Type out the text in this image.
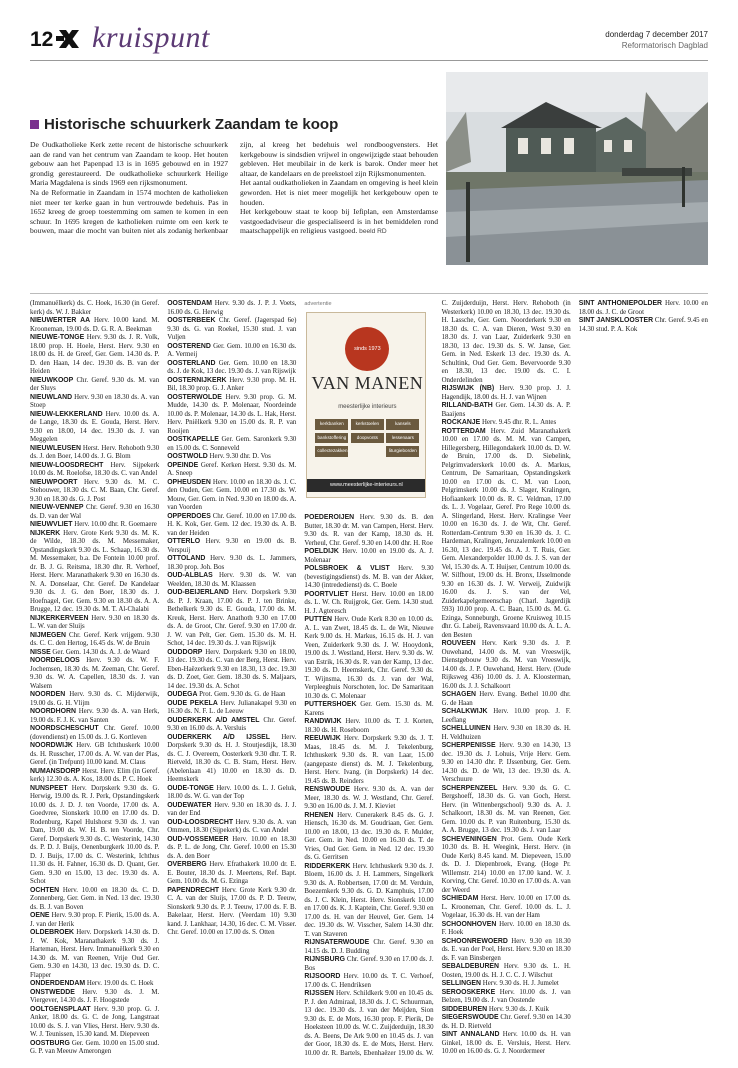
12 kruispunt	donderdag 7 december 2017
Reformatorisch Dagblad
Historische schuurkerk Zaandam te koop

De Oudkatholieke Kerk zette recent de historische schuurkerk aan de rand van het centrum van Zaandam te koop. Het houten gebouw aan het Papenpad 13 is in 1695 gebouwd en in 1927 grondig gerestaureerd. De oudkatholieke schuurkerk Heilige Maria Magdalena is sinds 1969 een rijksmonument.

Na de Reformatie in Zaandam in 1574 mochten de katholieken niet meer ter kerke gaan in hun vertrouwde bedehuis. Pas in 1652 kreeg de groep toestemming om samen te komen in een schuur. In 1695 kregen de katholieken ruimte om een kerk te bouwen, maar die mocht van buiten niet als zodanig herkenbaar zijn, al kreeg het bedehuis wel rondboogvensters. Het kerkgebouw is sindsdien vrijwel in ongewijzigde staat behouden gebleven. Het meubilair in de kerk is barok. Onder meer het altaar, de kandelaars en de preekstoel zijn Rijksmonumenten.

Het aantal oudkatholieken in Zaandam en omgeving is heel klein geworden. Het is niet meer mogelijk het kerkgebouw open te houden.

Het kerkgebouw staat te koop bij Iefiplan, een Amsterdamse vastgoedadviseur die gespecialiseerd is in het bemiddelen rond maatschappelijk en religieus vastgoed. beeld RD

(Immanuëlkerk) ds. C. Hoek, 16.30 (in Geref. kerk) ds. W. J. Bakker

NIEUWERTER AA Herv. 10.00 kand. M. Krooneman, 19.00 ds. D. G. R. A. Beekman

NIEUWE-TONGE Herv. 9.30 ds. J. R. Volk, 18.00 prop. H. Hoele, Herst. Herv. 9.30 en 18.00 ds. H. de Greef, Ger. Gem. 14.30 ds. P. D. den Haan, 14 dec. 19.30 ds. B. van der Heiden

NIEUWKOOP Chr. Geref. 9.30 ds. M. van der Sluys

NIEUWLAND Herv. 9.30 en 18.30 ds. A. van Stoep

NIEUW-LEKKERLAND Herv. 10.00 ds. A. de Lange, 18.30 ds. E. Gouda, Herst. Herv. 9.30 en 18.00, 14 dec. 19.30 ds. J. van Meggelen

NIEUWLEUSEN Herst. Herv. Rehoboth 9.30 ds. J. den Boer, 14.00 ds. J. G. Blom

NIEUW-LOOSDRECHT Herv. Sijpekerk 10.00 ds. M. Roelofse, 18.30 ds. C. van Andel

NIEUWPOORT Herv. 9.30 ds. M. C. Stehouwer, 18.30 ds. C. M. Baan, Chr. Geref. 9.30 en 18.30 ds. G. J. Post

NIEUW-VENNEP Chr. Geref. 9.30 en 16.30 ds. D. van der Wal

NIEUWVLIET Herv. 10.00 dhr. R. Goemaere

NIJKERK Herv. Grote Kerk 9.30 ds. M. K. de Wilde, 18.30 ds. M. Messemaker, Opstandingskerk 9.30 ds. L. Schaap, 16.30 ds. M. Messemaker, b.a. De Fontein 10.00 prof. dr. B. J. G. Reitsma, 18.30 dhr. R. Verhoef, Herst. Herv. Maranathakerk 9.30 en 16.30 ds. N. A. Donselaar, Chr. Geref. De Kandelaar 9.30 ds. J. G. den Boer, 18.30 ds. J. Hoefnagel, Ger. Gem. 9.30 en 18.30 ds. A. A. Brugge, 12 dec. 19.30 ds. M. T. Al-Chalabi

NIJKERKERVEEN Herv. 9.30 en 18.30 ds. L. W. van der Sluijs

NIJMEGEN Chr. Geref. Kerk vrijgem. 9.30 ds. C. C. den Hertog, 16.45 ds. W. de Bruin

NISSE Ger. Gem. 14.30 ds. A. J. de Waard

NOORDELOOS Herv. 9.30 ds. W. F. Jochemsen, 18.30 ds. M. Zeeman, Chr. Geref. 9.30 ds. W. A. Capellen, 18.30 ds. J. van Walsem

NOORDEN Herv. 9.30 ds. C. Mijderwijk, 19.00 ds. G. H. Vlijm

NOORDHORN Herv. 9.30 ds. A. van Herk, 19.00 ds. F. J. K. van Santen

NOORDSCHESCHUT Chr. Geref. 10.00 (dovendienst) en 15.00 ds. J. G. Kortleven

NOORDWIJK Herv. GB Ichthuskerk 10.00 ds. H. Russcher, 17.00 ds. A. W. van der Plas, Geref. (in Trefpunt) 10.00 kand. M. Claus

NUMANSDORP Herst. Herv. Elim (in Geref. kerk) 12.30 ds. A. Kos, 18.00 ds. P. C. Hoek

NUNSPEET Herv. Dorpskerk 9.30 ds. G. Herwig, 19.00 ds. R. J. Perk, Opstandingskerk 10.00 ds. J. D. J. ten Voorde, 17.00 ds. A. Goedvree, Sionskerk 10.00 en 17.00 ds. D. Rodenburg, Kapel Hulshorst 9.30 ds. J. van Dam, 19.00 ds. W. H. B. ten Voorde, Chr. Geref. Dorpskerk 9.30 ds. C. Westerink, 14.30 ds. P. D. J. Buijs, Oenenburgkerk 10.00 ds. P. D. J. Buijs, 17.00 ds. C. Westerink, Ichthus 11.30 ds. H. Fahner, 16.30 ds. D. Quant, Ger. Gem. 9.30 en 15.00, 13 dec. 19.30 ds. A. Schot

OCHTEN Herv. 10.00 en 18.30 ds. C. D. Zonnenberg, Ger. Gem. in Ned. 13 dec. 19.30 ds. B. J. van Boven

OENE Herv. 9.30 prop. F. Pierik, 15.00 ds. A. J. van der Herik

OLDEBROEK Herv. Dorpskerk 14.30 ds. D. J. W. Kok, Maranathakerk 9.30 ds. J. Harteman, Herst. Herv. Immanuëlkerk 9.30 en 14.30 ds. M. van Reenen, Vrije Oud Ger. Gem. 9.30 en 14.30, 13 dec. 19.30 ds. D. C. Flapper

ONDERDENDAM Herv. 19.00 ds. C. Hoek

ONSTWEDDE Herv. 9.30 ds. J. M. Viergever, 14.30 ds. J. F. Hoogstede

OOLTGENSPLAAT Herv. 9.30 prop. G. J. Anker, 18.00 ds. G. C. de Jong, Langstraat 10.00 ds. S. J. van Vlies, Herst. Herv. 9.30 ds. W. J. Teunissen, 15.30 kand. M. Diepeveen

OOSTBURG Ger. Gem. 10.00 en 15.00 stud. G. P. van Meeuw Amerongen

OOSTENDAM Herv. 9.30 ds. J. P. J. Voets, 16.00 ds. G. Herwig

OOSTERBEEK Chr. Geref. (Jagerspad 6e) 9.30 ds. G. van Roekel, 15.30 stud. J. van Vuljen

OOSTEREND Ger. Gem. 10.00 en 16.30 ds. A. Vermeij

OOSTERLAND Ger. Gem. 10.00 en 18.30 ds. J. de Kok, 13 dec. 19.30 ds. J. van Rijswijk

OOSTERNIJKERK Herv. 9.30 prop. M. H. Bil, 18.30 prop. G. J. Anker

OOSTERWOLDE Herv. 9.30 prop. G. M. Mudde, 14.30 ds. P. Molenaar, Noordeinde 10.00 ds. P. Molenaar, 14.30 ds. L. Hak, Herst. Herv. Pniëlkerk 9.30 en 15.00 ds. R. P. van Rooijen

OOSTKAPELLE Ger. Gem. Saronkerk 9.30 en 15.00 ds. C. Sonneveld

OOSTWOLD Herv. 9.30 dhr. D. Vos

OPEINDE Geref. Kerken Herst. 9.30 ds. M. A. Sneep

OPHEUSDEN Herv. 10.00 en 18.30 ds. J. C. den Ouden, Ger. Gem. 10.00 en 17.30 ds. W. Mouw, Ger. Gem. in Ned. 9.30 en 18.00 ds. A. van Voorden

OPPERDOES Chr. Geref. 10.00 en 17.00 ds. H. K. Kok, Ger. Gem. 12 dec. 19.30 ds. A. B. van der Heiden

OTTERLO Herv. 9.30 en 19.00 ds. B. Verspuij

OTTOLAND Herv. 9.30 ds. L. Jammers, 18.30 prop. Joh. Bos

OUD-ALBLAS Herv. 9.30 ds. W. van Weelden, 18.30 ds. M. Klaassen

OUD-BEIJERLAND Herv. Dorpskerk 9.30 ds. P. J. Kraan, 17.00 ds. P. J. ten Brinke, Bethelkerk 9.30 ds. E. Gouda, 17.00 ds. M. Kreuk, Herst. Herv. Anathoth 9.30 en 17.00 ds. A. de Groot, Chr. Geref. 9.30 en 17.00 dr. J. W. van Pelt, Ger. Gem. 15.30 ds. M. H. Schot, 14 dec. 19.30 ds. J. van Rijswijk

OUDDORP Herv. Dorpskerk 9.30 en 18.00, 13 dec. 19.30 ds. C. van der Berg, Herst. Herv. Eben-Haëzerkerk 9.30 en 18.30, 13 dec. 19.30 ds. D. Zoet, Ger. Gem. 18.30 ds. S. Maljaars, 14 dec. 19.30 ds. A. Schot

OUDEGA Prot. Gem. 9.30 ds. G. de Haan

OUDE PEKELA Herv. Julianakapel 9.30 en 16.30 ds. N. F. L. de Leeuw

OUDERKERK A/D AMSTEL Chr. Geref. 9.30 en 16.00 ds. A. Versluis

OUDERKERK A/D IJSSEL Herv. Dorpskerk 9.30 ds. H. J. Stoutjesdijk, 18.30 ds. C. J. Overeem, Oosterkerk 9.30 dhr. T. R. Rietveld, 18.30 ds. C. B. Stam, Herst. Herv. (Abelenlaan 41) 10.00 en 18.30 ds. D. Heemskerk

OUDE-TONGE Herv. 10.00 ds. L. J. Geluk, 18.00 ds. W. G. van der Top

OUDEWATER Herv. 9.30 en 18.30 ds. J. J. van der End

OUD-LOOSDRECHT Herv. 9.30 ds. A. van Ommen, 18.30 (Sijpekerk) ds. C. van Andel

OUD-VOSSEMEER Herv. 10.00 en 18.30 ds. P. L. de Jong, Chr. Geref. 10.00 en 15.30 ds. A. den Boer

OVERBERG Herv. Efrathakerk 10.00 dr. E. E. Bouter, 18.30 ds. J. Meertens, Ref. Bapt. Gem. 10.00 ds. M. G. Ezinga

PAPENDRECHT Herv. Grote Kerk 9.30 dr. C. A. van der Sluijs, 17.00 ds. P. D. Teeuw, Sionskerk 9.30 ds. P. J. Teeuw, 17.00 ds. F. B. Bakelaar, Herst. Herv. (Veerdam 10) 9.30 kand. J. Lankhaar, 14.30, 16 dec. C. M. Visser. Chr. Geref. 10.00 en 17.00 ds. S. Otten

advertentie
sinds 1973
VAN MANEN
meesterlijke interieurs
kerkbanken	kerkstoelen	kansels
bankstoffering	doopvonts	lessenaars
collectezakken	liturgieborden
www.meesterlijke-interieurs.nl

POEDEROIJEN Herv. 9.30 ds. B. den Butter, 18.30 dr. M. van Campen, Herst. Herv. 9.30 ds. R. van der Kamp, 18.30 ds. H. Verheul, Chr. Geref. 9.30 en 14.00 dhr. H. Roe

POELDIJK Herv. 10.00 en 19.00 ds. A. J. Molenaar

POLSBROEK & VLIST Herv. 9.30 (bevestigingsdienst) ds. M. B. van der Akker, 14.30 (intrededienst) ds. C. Boele

POORTVLIET Herst. Herv. 10.00 en 18.00 ds. L. W. Ch. Ruijgrok, Ger. Gem. 14.30 stud. H. J. Agteresch

PUTTEN Herv. Oude Kerk 8.30 en 10.00 ds. A. L. van Zwet, 18.45 ds. L. de Wit, Nieuwe Kerk 9.00 ds. H. Markus, 16.15 ds. H. J. van Veen, Zuiderkerk 9.30 ds. J. W. Hooydonk, 19.00 ds. J. Westland, Herst. Herv. 9.30 ds. W. van Estrik, 16.30 ds. R. van der Kamp, 13 dec. 19.30 ds. D. Heemskerk, Chr. Geref. 9.30 ds. T. Wijnsma, 16.30 ds. J. van der Wal, Verpleeghuis Norschoten, loc. De Samaritaan 10.30 ds. C. Molenaar

PUTTERSHOEK Ger. Gem. 15.30 ds. M. Karens

RANDWIJK Herv. 10.00 ds. T. J. Korten, 18.30 ds. H. Roseboom

REEUWIJK Herv. Dorpskerk 9.30 ds. J. T. Maas, 18.45 ds. M. J. Tekelenburg, Ichthuskerk 9.30 ds. R. van Laar, 15.00 (aangepaste dienst) ds. M. J. Tekelenburg, Herst. Herv. Ivang. (in Dorpskerk) 14 dec. 19.45 ds. B. Reinders

RENSWOUDE Herv. 9.30 ds. A. van der Meer, 18.30 ds. W. J. Westland, Chr. Geref. 9.30 en 16.00 ds. J. M. J. Kieviet

RHENEN Herv. Cunerakerk 8.45 ds. G. J. Hiensch, 16.30 ds. M. Goudriaan, Ger. Gem. 10.00 en 18.00, 13 dec. 19.30 ds. F. Mulder, Ger. Gem. in Ned. 10.00 en 16.30 ds. T. de Vries, Oud Ger. Gem. in Ned. 12 dec. 19.30 ds. G. Gerritsen

RIDDERKERK Herv. Ichthuskerk 9.30 ds. J. Bloem, 16.00 ds. J. H. Lammers, Singelkerk 9.30 ds. A. Robbertsen, 17.00 dr. M. Verduin, Boezemkerk 9.30 ds. G. D. Kamphuis, 17.00 ds. J. C. Klein, Herst. Herv. Sionskerk 10.00 en 17.00 ds. K. J. Kaptein, Chr. Geref. 9.30 en 17.00 ds. H. van der Heuvel, Ger. Gem. 14 dec. 19.30 ds. W. Visscher, Salem 14.30 dhr. T. van Staveren

RIJNSATERWOUDE Chr. Geref. 9.30 en 14.15 ds. D. J. Budding

RIJNSBURG Chr. Geref. 9.30 en 17.00 ds. J. Bos

RIJSOORD Herv. 10.00 ds. T. C. Verhoef, 17.00 ds. C. Hendriksen

RIJSSEN Herv. Schildkerk 9.00 en 10.45 ds. P. J. den Admiraal, 18.30 ds. J. C. Schuurman, 13 dec. 19.30 ds. J. van der Meijden, Sion 9.30 ds. E. de Mots, 16.30 prop. F. Pierik, De Hoeksteen 10.00 ds. W. C. Zuijderduijn, 18.30 ds. A. Beens, De Ark 9.00 en 10.45 ds. J. van der Goor, 18.30 ds. E. de Mots, Herst. Herv. 10.00 dr. R. Bartels, Ebenhaëzer 19.00 ds. W. C. Zuijderduijn, Herst. Herv. Rehoboth (in Westerkerk) 10.00 en 18.30, 13 dec. 19.30 ds. H. Lassche, Ger. Gem. Noorderkerk 9.30 en 18.30 ds. C. A. van Dieren, West 9.30 en 18.30 ds. J. van Laar, Zuiderkerk 9.30 en 18.30, 13 dec. 19.30 ds. S. W. Janse, Ger. Gem. in Ned. Eskerk 13 dec. 19.30 ds. A. Schultink, Oud Ger. Gem. Bevervoorde 9.30 en 18.30, 13 dec. 19.00 ds. C. I. Onderdelinden

RIJSWIJK (NB) Herv. 9.30 prop. J. J. Hagendijk, 18.00 ds. H. J. van Wijnen

RILLAND-BATH Ger. Gem. 14.30 ds. A. P. Baaijens

ROCKANJE Herv. 9.45 dhr. R. L. Antes

ROTTERDAM Herv. Zuid Maranathakerk 10.00 en 17.00 ds. M. M. van Campen, Hillegersberg, Hillegondakerk 10.00 ds. D. W. de Bruin, 17.00 ds. D. Siebelink, Pelgrimvaderskerk 10.00 ds. A. Markus, Centrum, De Samaritaan, Opstandingskerk 10.00 en 17.00 ds. C. M. van Loon, Pelgrimskerk 10.00 ds. J. Slager, Kralingen, Hofiaankerk 10.00 ds. R. C. Veldman, 17.00 ds. L. J. Vogelaar, Geref. Pro Rege 10.00 ds. A. Slingerland, Herst. Herv. Kralingse Veer 10.00 en 16.30 ds. J. de Wit, Chr. Geref. Rotterdam-Centrum 9.30 en 16.30 ds. J. C. Hardeman, Kralingen, Jeruzalemkerk 10.00 en 16.30, 13 dec. 19.45 ds. A. J. T. Ruis, Ger. Gem. Alexanderpolder 10.00 ds. J. S. van der Vel, 15.30 ds. A. T. Huijser, Centrum 10.00 ds. W. Silfhout, 19.00 ds. H. Bronx, IJsselmonde 9.30 en 16.30 ds. J. W. Verweij, Zuidwijk 16.00 ds. J. S. van der Vel, Zuiderkapelgemeenschap (Charl. Jagerdijk 593) 10.00 prop. A. C. Baan, 15.00 ds. M. G. Ezinga, Sonneburgh, Groene Kruisweg 10.15 dhr. G. Labeij, Ravensvaard 10.00 ds. A. L. A. den Besten

ROUVEEN Herv. Kerk 9.30 ds. J. P. Ouwehand, 14.00 ds. M. van Vreeswijk, Dienstgebouw 9.30 ds. M. van Vreeswijk, 14.00 ds. J. P. Ouwehand, Herst. Herv. (Oude Rijksweg 436) 10.00 ds. J. A. Kloosterman, 16.00 ds. J. J. Schalkoort

SCHAGEN Herv. Evang. Bethel 10.00 dhr. G. de Haan

SCHALKWIJK Herv. 10.00 prop. J. F. Leeflang

SCHELLUINEN Herv. 9.30 en 18.30 ds. H. H. Veldhuizen

SCHERPENISSE Herv. 9.30 en 14.30, 13 dec. 19.30 ds. J. Lohuis, Vrije Herv. Gem. 9.30 en 14.30 dhr. P. IJssenburg, Ger. Gem. 14.30 ds. D. de Wit, 13 dec. 19.30 ds. A. Verschuure

SCHERPENZEEL Herv. 9.30 ds. G. C. Bergshoeff, 18.30 ds. G. van Goch, Herst. Herv. (in Wittenbergschool) 9.30 ds. A. J. Schalkoort, 18.30 ds. M. van Reenen, Ger. Gem. 10.00 ds. P. van Ruitenburg, 15.30 ds. A. A. Brugge, 13 dec. 19.30 ds. J. van Laar

SCHEVENINGEN Prot. Gem. Oude Kerk 10.30 ds. B. H. Weegink, Herst. Herv. (in Oude Kerk) 8.45 kand. M. Diepeveen, 15.00 ds. D. J. Diepenbroek, Evang. (Hoge Pr. Willemstr. 214) 10.00 en 17.00 kand. W. J. Korving, Chr. Geref. 10.30 en 17.00 ds. A. van der Weerd

SCHIEDAM Herst. Herv. 10.00 en 17.00 ds. L. Krooneman, Chr. Geref. 10.00 ds. L. J. Vogelaar, 16.30 ds. H. van der Ham

SCHOONHOVEN Herv. 10.00 en 18.30 ds. F. Hoek

SCHOONREWOERD Herv. 9.30 en 18.30 ds. E. van der Poel, Herst. Herv. 9.30 en 18.30 ds. F. van Binsbergen

SEBALDEBUREN Herv. 9.30 ds. L. H. Oosten, 19.00 ds. H. J. C. C. J. Wilschut

SELLINGEN Herv. 9.30 ds. H. J. Jumelet

SEROOSKERKE Herv. 10.00 ds. J. van Belzen, 19.00 ds. J. van Oostende

SIDDEBUREN Herv. 9.30 ds. J. Kuik

SIEGERSWOUDE Chr. Geref. 9.30 en 14.30 ds. H. D. Rietveld

SINT ANNALAND Herv. 10.00 ds. H. van Ginkel, 18.00 ds. E. Versluis, Herst. Herv. 10.00 en 16.00 ds. G. J. Noordermeer

SINT ANTHONIEPOLDER Herv. 10.00 en 18.00 ds. J. C. de Groot

SINT JANSKLOOSTER Chr. Geref. 9.45 en 14.30 stud. P. A. Kok
